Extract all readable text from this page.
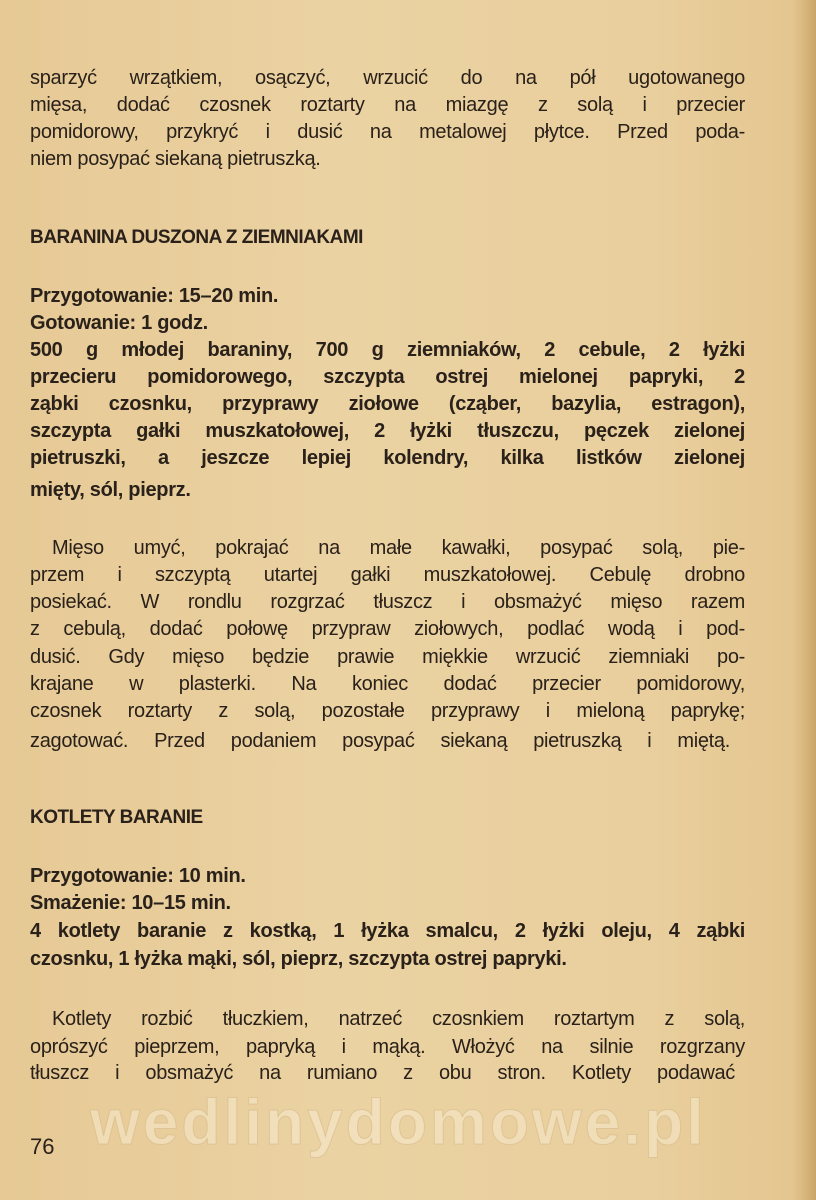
sparzyć wrzątkiem, osączyć, wrzucić do na pół ugotowanego
mięsa, dodać czosnek roztarty na miazgę z solą i przecier
pomidorowy, przykryć i dusić na metalowej płytce. Przed poda-
niem posypać siekaną pietruszką.
BARANINA DUSZONA Z ZIEMNIAKAMI
Przygotowanie: 15–20 min.
Gotowanie: 1 godz.
500 g młodej baraniny, 700 g ziemniaków, 2 cebule, 2 łyżki
przecieru pomidorowego, szczypta ostrej mielonej papryki, 2
ząbki czosnku, przyprawy ziołowe (cząber, bazylia, estragon),
szczypta gałki muszkatołowej, 2 łyżki tłuszczu, pęczek zielonej
pietruszki, a jeszcze lepiej kolendry, kilka listków zielonej
mięty, sól, pieprz.
Mięso umyć, pokrajać na małe kawałki, posypać solą, pie-
przem i szczyptą utartej gałki muszkatołowej. Cebulę drobno
posiekać. W rondlu rozgrzać tłuszcz i obsmażyć mięso razem
z cebulą, dodać połowę przypraw ziołowych, podlać wodą i pod-
dusić. Gdy mięso będzie prawie miękkie wrzucić ziemniaki po-
krajane w plasterki. Na koniec dodać przecier pomidorowy,
czosnek roztarty z solą, pozostałe przyprawy i mieloną paprykę;
zagotować. Przed podaniem posypać siekaną pietruszką i miętą.
KOTLETY BARANIE
Przygotowanie: 10 min.
Smażenie: 10–15 min.
4 kotlety baranie z kostką, 1 łyżka smalcu, 2 łyżki oleju, 4 ząbki
czosnku, 1 łyżka mąki, sól, pieprz, szczypta ostrej papryki.
Kotlety rozbić tłuczkiem, natrzeć czosnkiem roztartym z solą,
oprószyć pieprzem, papryką i mąką. Włożyć na silnie rozgrzany
tłuszcz i obsmażyć na rumiano z obu stron. Kotlety podawać
wedlinydomowe.pl
76
